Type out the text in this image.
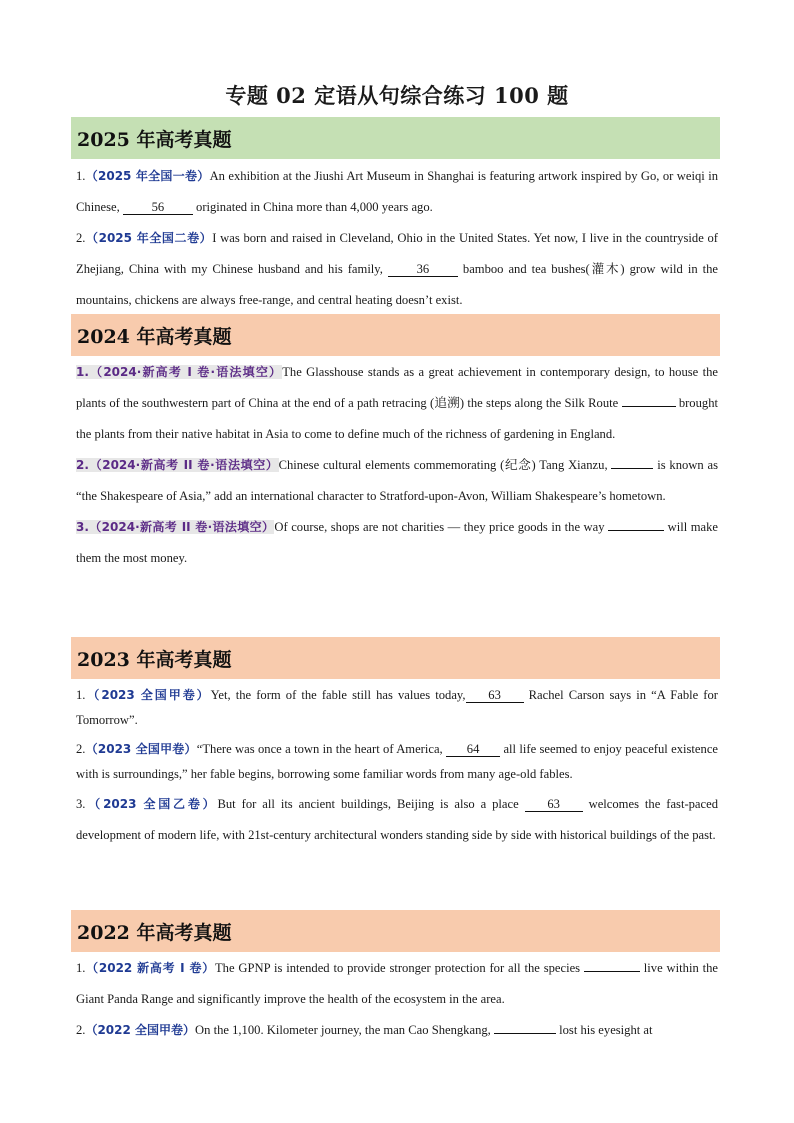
专题 02 定语从句综合练习 100 题
2025 年高考真题
1.（2025 年全国一卷）An exhibition at the Jiushi Art Museum in Shanghai is featuring artwork inspired by Go, or weiqi in Chinese, 56 originated in China more than 4,000 years ago.
2.（2025 年全国二卷）I was born and raised in Cleveland, Ohio in the United States. Yet now, I live in the countryside of Zhejiang, China with my Chinese husband and his family, 36 bamboo and tea bushes(灌木) grow wild in the mountains, chickens are always free-range, and central heating doesn’t exist.
2024 年高考真题
1.（2024·新高考 I 卷·语法填空）The Glasshouse stands as a great achievement in contemporary design, to house the plants of the southwestern part of China at the end of a path retracing (追溯) the steps along the Silk Route	brought the plants from their native habitat in Asia to come to define much of the richness of gardening in England.
2.（2024·新高考 II 卷·语法填空）Chinese cultural elements commemorating (纪念) Tang Xianzu,	is known as “the Shakespeare of Asia,” add an international character to Stratford-upon-Avon, William Shakespeare’s hometown.
3.（2024·新高考 II 卷·语法填空）Of course, shops are not charities — they price goods in the way	will make them the most money.
2023 年高考真题
1.（2023 全国甲卷）Yet, the form of the fable still has values today, 63 Rachel Carson says in “A Fable for Tomorrow”.
2.（2023 全国甲卷）“There was once a town in the heart of America, 64 all life seemed to enjoy peaceful existence with is surroundings,” her fable begins, borrowing some familiar words from many age-old fables.
3.（2023 全国乙卷）But for all its ancient buildings, Beijing is also a place 63 welcomes the fast-paced development of modern life, with 21st-century architectural wonders standing side by side with historical buildings of the past.
2022 年高考真题
1.（2022 新高考 I 卷）The GPNP is intended to provide stronger protection for all the species	live within the Giant Panda Range and significantly improve the health of the ecosystem in the area.
2.（2022 全国甲卷）On the 1,100. Kilometer journey, the man Cao Shengkang,	lost his eyesight at
